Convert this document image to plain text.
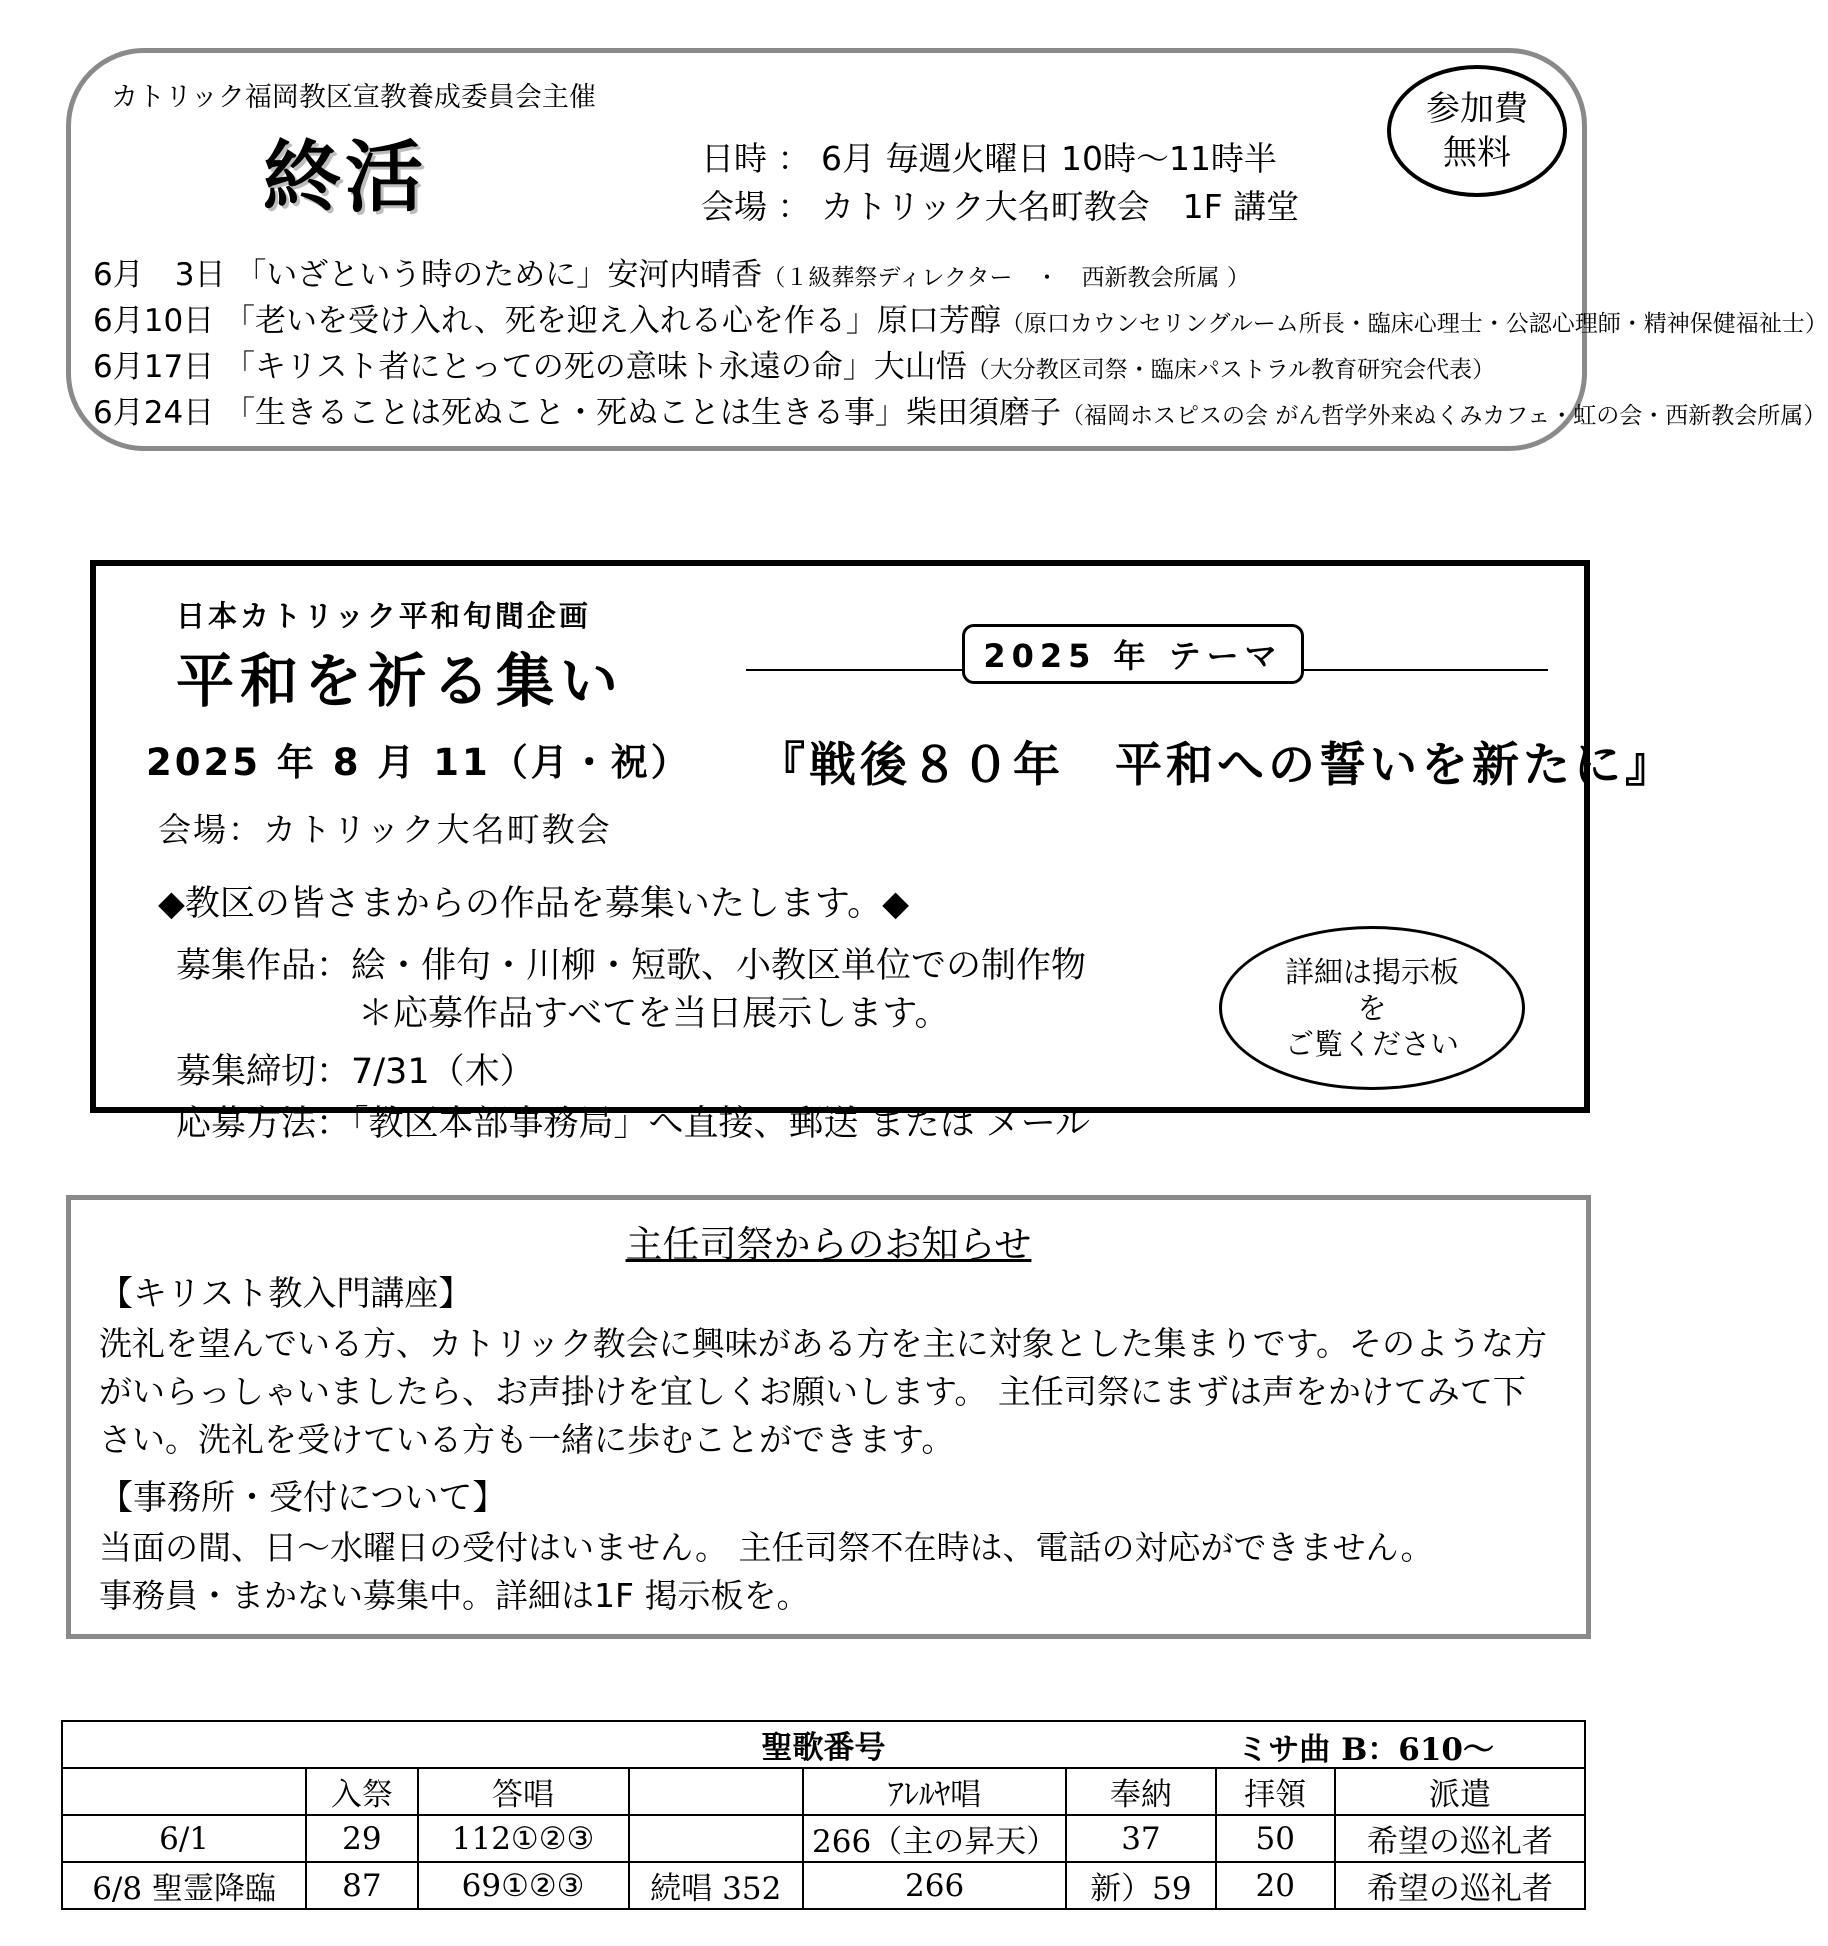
カトリック福岡教区宣教養成委員会主催
終活	日時 ： 6月 毎週火曜日 10時～11時半
会場 ： カトリック大名町教会　1F 講堂
参加費
無料
6月　3日 「いざという時のために」安河内晴香（１級葬祭ディレクター　・　西新教会所属 ）
6月10日 「老いを受け入れ、死を迎え入れる心を作る」原口芳醇（原口カウンセリングルーム所長・臨床心理士・公認心理師・精神保健福祉士）
6月17日 「キリスト者にとっての死の意味ト永遠の命」大山悟（大分教区司祭・臨床パストラル教育研究会代表）
6月24日 「生きることは死ぬこと・死ぬことは生きる事」柴田須磨子（福岡ホスピスの会 がん哲学外来ぬくみカフェ・虹の会・西新教会所属）
日本カトリック平和旬間企画
平和を祈る集い
2025 年 8 月 11（月・祝）
会場：カトリック大名町教会
2025 年 テーマ
『戦後８０年　平和への誓いを新たに』
◆教区の皆さまからの作品を募集いたします。◆
募集作品：絵・俳句・川柳・短歌、小教区単位での制作物
＊応募作品すべてを当日展示します。
募集締切：7/31（木）
応募方法：「教区本部事務局」へ直接、郵送 または メール
詳細は掲示板
を
ご覧ください
主任司祭からのお知らせ
【キリスト教入門講座】
洗礼を望んでいる方、カトリック教会に興味がある方を主に対象とした集まりです。そのような方
がいらっしゃいましたら、お声掛けを宜しくお願いします。 主任司祭にまずは声をかけてみて下
さい。洗礼を受けている方も一緒に歩むことができます。
【事務所・受付について】
当面の間、日～水曜日の受付はいません。 主任司祭不在時は、電話の対応ができません。
事務員・まかない募集中。詳細は1F 掲示板を。
聖歌番号 ミサ曲 B：610～							

	入祭	答唱		ｱﾚﾙﾔ唱	奉納	拝領	派遣
6/1	29	112①②③		266（主の昇天）	37	50	希望の巡礼者
6/8 聖霊降臨	87	69①②③	続唱 352	266	新）59	20	希望の巡礼者
